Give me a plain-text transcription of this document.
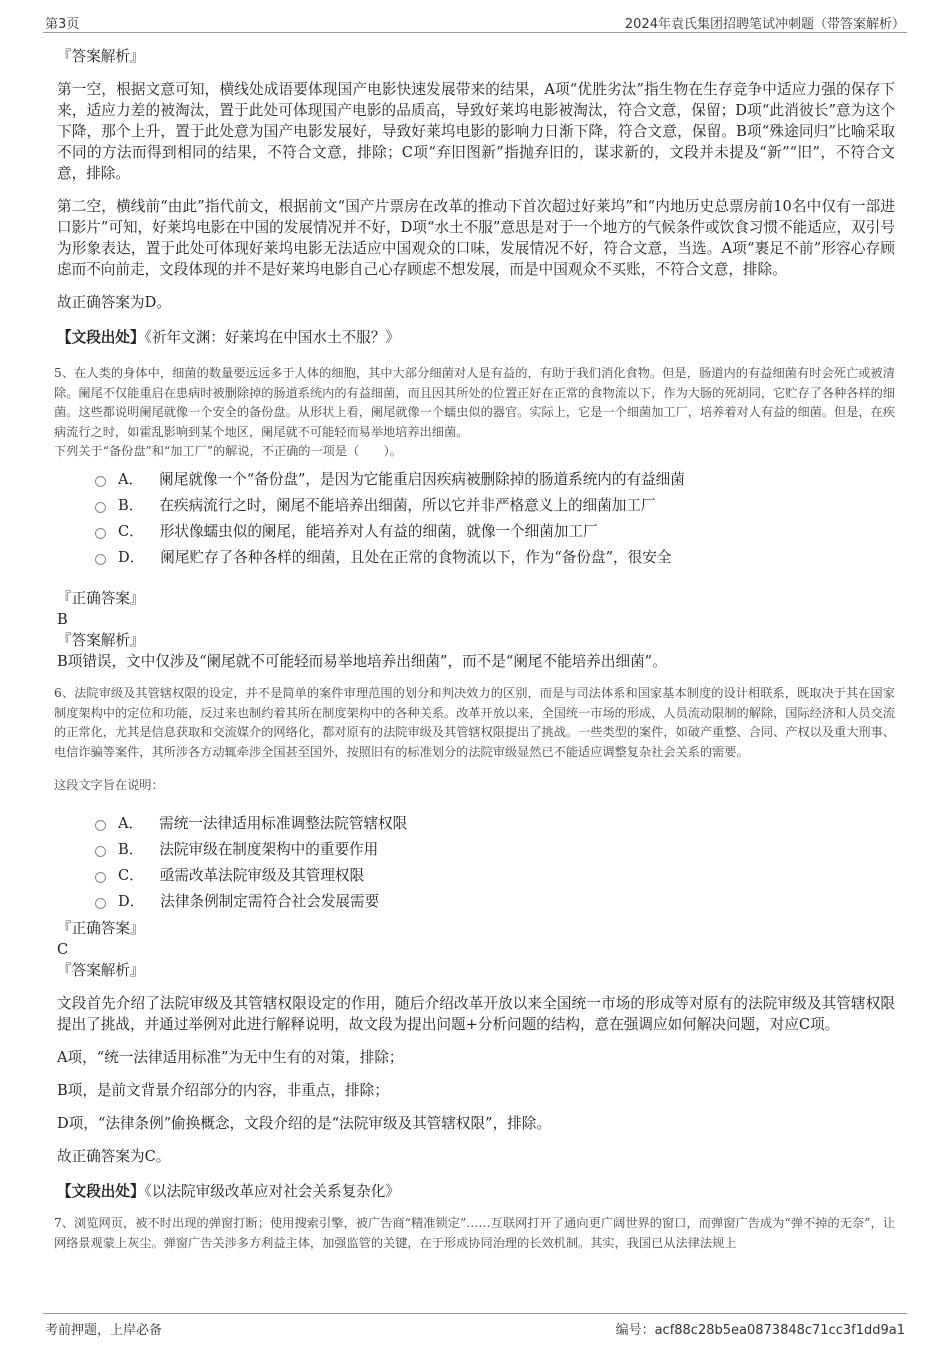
第3页	2024年袁氏集团招聘笔试冲刺题（带答案解析）

『答案解析』

第一空，根据文意可知，横线处成语要体现国产电影快速发展带来的结果，A项“优胜劣汰”指生物在生存竞争中适应力强的保存下来，适应力差的被淘汰，置于此处可体现国产电影的品质高，导致好莱坞电影被淘汰，符合文意，保留；D项“此消彼长”意为这个下降，那个上升，置于此处意为国产电影发展好，导致好莱坞电影的影响力日渐下降，符合文意，保留。B项“殊途同归”比喻采取不同的方法而得到相同的结果，不符合文意，排除；C项“弃旧图新”指抛弃旧的，谋求新的，文段并未提及“新”“旧”，不符合文意，排除。

第二空，横线前“由此”指代前文，根据前文“国产片票房在改革的推动下首次超过好莱坞”和“内地历史总票房前10名中仅有一部进口影片”可知，好莱坞电影在中国的发展情况并不好，D项“水土不服”意思是对于一个地方的气候条件或饮食习惯不能适应，双引号为形象表达，置于此处可体现好莱坞电影无法适应中国观众的口味，发展情况不好，符合文意，当选。A项“裹足不前”形容心存顾虑而不向前走，文段体现的并不是好莱坞电影自己心存顾虑不想发展，而是中国观众不买账，不符合文意，排除。

故正确答案为D。

【文段出处】《祈年文渊：好莱坞在中国水土不服？》

5、在人类的身体中，细菌的数量要远远多于人体的细胞，其中大部分细菌对人是有益的，有助于我们消化食物。但是，肠道内的有益细菌有时会死亡或被清除。阑尾不仅能重启在患病时被删除掉的肠道系统内的有益细菌，而且因其所处的位置正好在正常的食物流以下，作为大肠的死胡同，它贮存了各种各样的细菌。这些都说明阑尾就像一个安全的备份盘。从形状上看，阑尾就像一个蠕虫似的器官。实际上，它是一个细菌加工厂，培养着对人有益的细菌。但是，在疾病流行之时，如霍乱影响到某个地区，阑尾就不可能轻而易举地培养出细菌。

下列关于“备份盘”和“加工厂”的解说，不正确的一项是（　　）。

A． 阑尾就像一个“备份盘”，是因为它能重启因疾病被删除掉的肠道系统内的有益细菌
B． 在疾病流行之时，阑尾不能培养出细菌，所以它并非严格意义上的细菌加工厂
C． 形状像蠕虫似的阑尾，能培养对人有益的细菌，就像一个细菌加工厂
D． 阑尾贮存了各种各样的细菌，且处在正常的食物流以下，作为“备份盘”，很安全

『正确答案』

B

『答案解析』

B项错误，文中仅涉及“阑尾就不可能轻而易举地培养出细菌”，而不是“阑尾不能培养出细菌”。

6、法院审级及其管辖权限的设定，并不是简单的案件审理范围的划分和判决效力的区别，而是与司法体系和国家基本制度的设计相联系，既取决于其在国家制度架构中的定位和功能，反过来也制约着其所在制度架构中的各种关系。改革开放以来，全国统一市场的形成，人员流动限制的解除，国际经济和人员交流的正常化，尤其是信息获取和交流媒介的网络化，都对原有的法院审级及其管辖权限提出了挑战。一些类型的案件，如破产重整、合同、产权以及重大刑事、电信诈骗等案件，其所涉各方动辄牵涉全国甚至国外，按照旧有的标准划分的法院审级显然已不能适应调整复杂社会关系的需要。

这段文字旨在说明：

A． 需统一法律适用标准调整法院管辖权限
B． 法院审级在制度架构中的重要作用
C． 亟需改革法院审级及其管理权限
D． 法律条例制定需符合社会发展需要

『正确答案』

C

『答案解析』

文段首先介绍了法院审级及其管辖权限设定的作用，随后介绍改革开放以来全国统一市场的形成等对原有的法院审级及其管辖权限提出了挑战，并通过举例对此进行解释说明，故文段为提出问题+分析问题的结构，意在强调应如何解决问题，对应C项。

A项，“统一法律适用标准”为无中生有的对策，排除；

B项，是前文背景介绍部分的内容，非重点，排除；

D项，“法律条例”偷换概念，文段介绍的是“法院审级及其管辖权限”，排除。

故正确答案为C。

【文段出处】《以法院审级改革应对社会关系复杂化》

7、浏览网页，被不时出现的弹窗打断；使用搜索引擎，被广告商“精准锁定”……互联网打开了通向更广阔世界的窗口，而弹窗广告成为“弹不掉的无奈”，让网络景观蒙上灰尘。弹窗广告关涉多方利益主体，加强监管的关键，在于形成协同治理的长效机制。其实，我国已从法律法规上

考前押题，上岸必备	编号：acf88c28b5ea0873848c71cc3f1dd9a1
